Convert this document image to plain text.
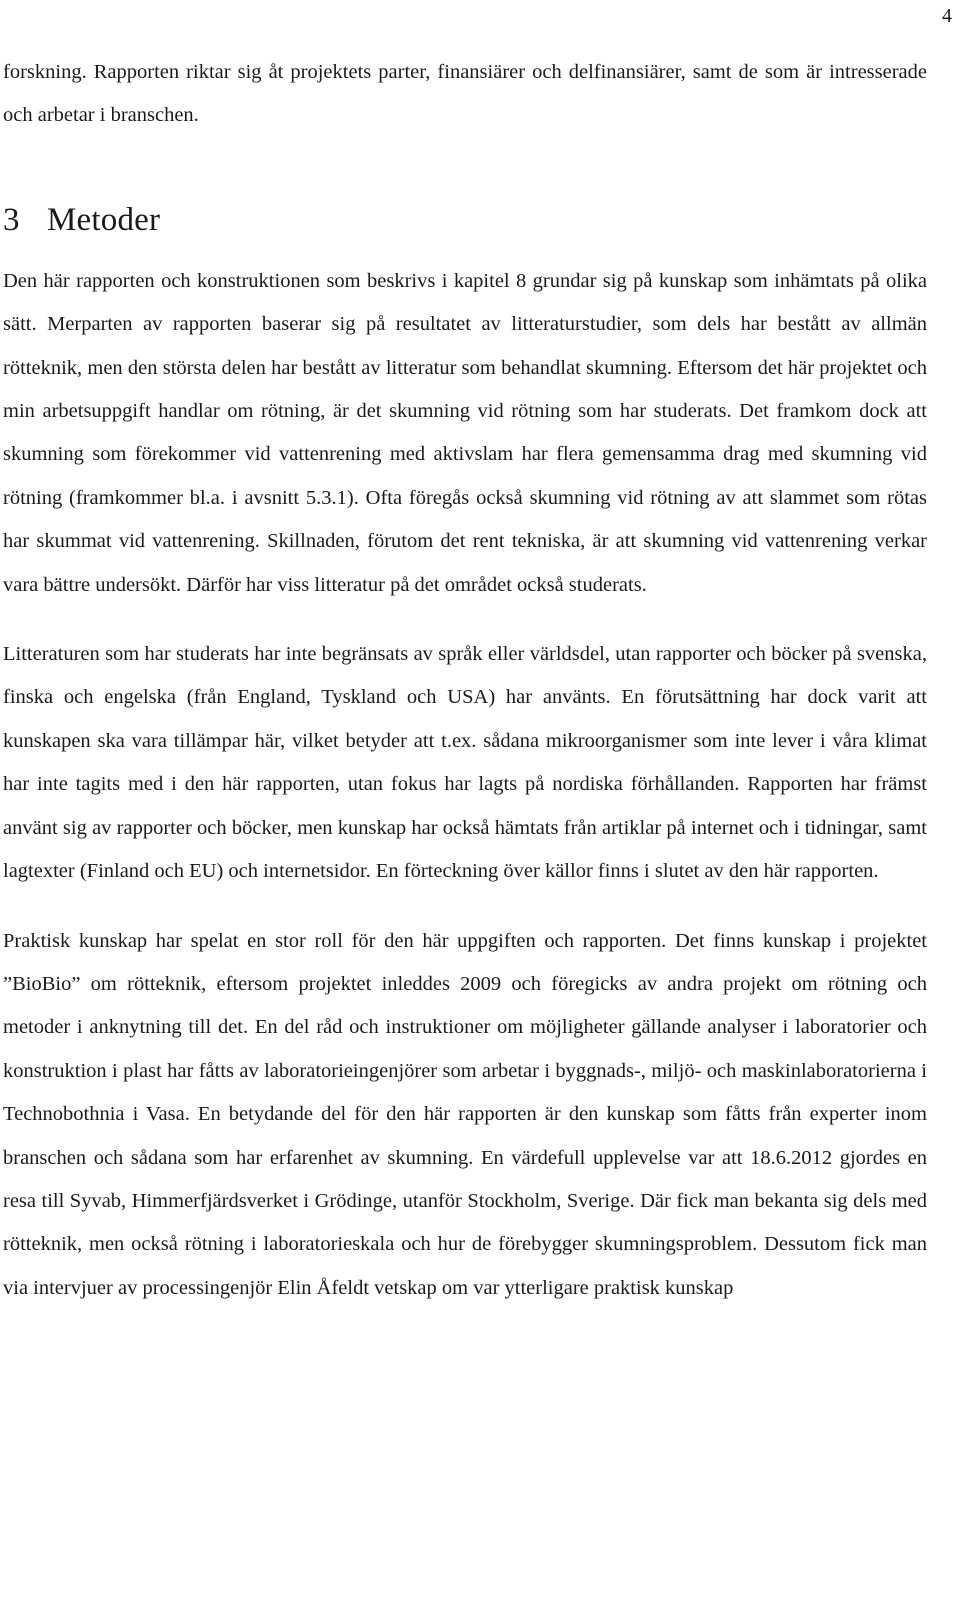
4

forskning. Rapporten riktar sig åt projektets parter, finansiärer och delfinansiärer, samt de som är intresserade och arbetar i branschen.

3 Metoder

Den här rapporten och konstruktionen som beskrivs i kapitel 8 grundar sig på kunskap som inhämtats på olika sätt. Merparten av rapporten baserar sig på resultatet av litteraturstudier, som dels har bestått av allmän rötteknik, men den största delen har bestått av litteratur som behandlat skumning. Eftersom det här projektet och min arbetsuppgift handlar om rötning, är det skumning vid rötning som har studerats. Det framkom dock att skumning som förekommer vid vattenrening med aktivslam har flera gemensamma drag med skumning vid rötning (framkommer bl.a. i avsnitt 5.3.1). Ofta föregås också skumning vid rötning av att slammet som rötas har skummat vid vattenrening. Skillnaden, förutom det rent tekniska, är att skumning vid vattenrening verkar vara bättre undersökt. Därför har viss litteratur på det området också studerats.

Litteraturen som har studerats har inte begränsats av språk eller världsdel, utan rapporter och böcker på svenska, finska och engelska (från England, Tyskland och USA) har använts. En förutsättning har dock varit att kunskapen ska vara tillämpar här, vilket betyder att t.ex. sådana mikroorganismer som inte lever i våra klimat har inte tagits med i den här rapporten, utan fokus har lagts på nordiska förhållanden. Rapporten har främst använt sig av rapporter och böcker, men kunskap har också hämtats från artiklar på internet och i tidningar, samt lagtexter (Finland och EU) och internetsidor. En förteckning över källor finns i slutet av den här rapporten.

Praktisk kunskap har spelat en stor roll för den här uppgiften och rapporten. Det finns kunskap i projektet ”BioBio” om rötteknik, eftersom projektet inleddes 2009 och föregicks av andra projekt om rötning och metoder i anknytning till det. En del råd och instruktioner om möjligheter gällande analyser i laboratorier och konstruktion i plast har fåtts av laboratorieingenjörer som arbetar i byggnads-, miljö- och maskinlaboratorierna i Technobothnia i Vasa. En betydande del för den här rapporten är den kunskap som fåtts från experter inom branschen och sådana som har erfarenhet av skumning. En värdefull upplevelse var att 18.6.2012 gjordes en resa till Syvab, Himmerfjärdsverket i Grödinge, utanför Stockholm, Sverige. Där fick man bekanta sig dels med rötteknik, men också rötning i laboratorieskala och hur de förebygger skumningsproblem. Dessutom fick man via intervjuer av processingenjör Elin Åfeldt vetskap om var ytterligare praktisk kunskap
